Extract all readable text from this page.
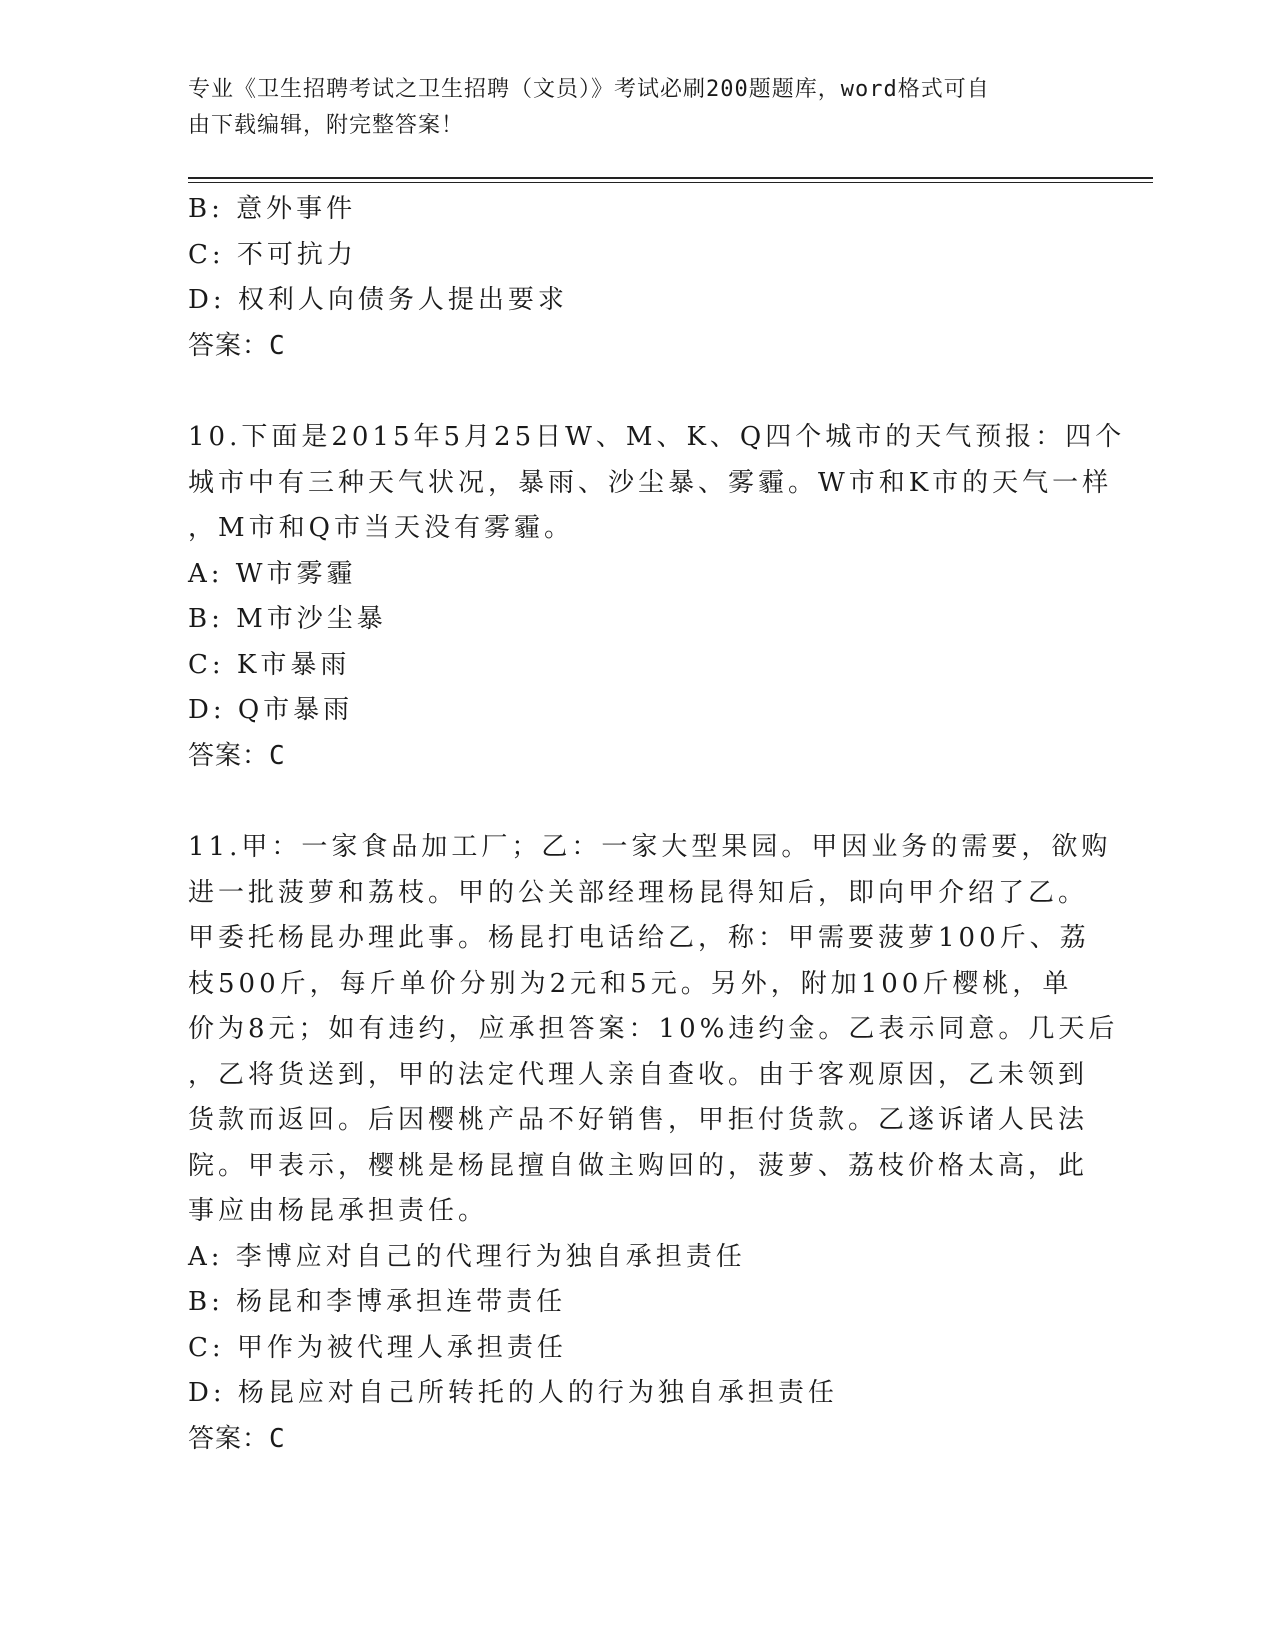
专业《卫生招聘考试之卫生招聘（文员）》考试必刷200题题库，word格式可自
由下载编辑，附完整答案！
B: 意外事件
C: 不可抗力
D: 权利人向债务人提出要求
答案：C
10.下面是2015年5月25日W、M、K、Q四个城市的天气预报：四个
城市中有三种天气状况，暴雨、沙尘暴、雾霾。W市和K市的天气一样
，M市和Q市当天没有雾霾。
A: W市雾霾
B: M市沙尘暴
C: K市暴雨
D: Q市暴雨
答案：C
11.甲：一家食品加工厂；乙：一家大型果园。甲因业务的需要，欲购
进一批菠萝和荔枝。甲的公关部经理杨昆得知后，即向甲介绍了乙。
甲委托杨昆办理此事。杨昆打电话给乙，称：甲需要菠萝100斤、荔
枝500斤，每斤单价分别为2元和5元。另外，附加100斤樱桃，单
价为8元；如有违约，应承担答案：10%违约金。乙表示同意。几天后
，乙将货送到，甲的法定代理人亲自查收。由于客观原因，乙未领到
货款而返回。后因樱桃产品不好销售，甲拒付货款。乙遂诉诸人民法
院。甲表示，樱桃是杨昆擅自做主购回的，菠萝、荔枝价格太高，此
事应由杨昆承担责任。
A: 李博应对自己的代理行为独自承担责任
B: 杨昆和李博承担连带责任
C: 甲作为被代理人承担责任
D: 杨昆应对自己所转托的人的行为独自承担责任
答案：C
